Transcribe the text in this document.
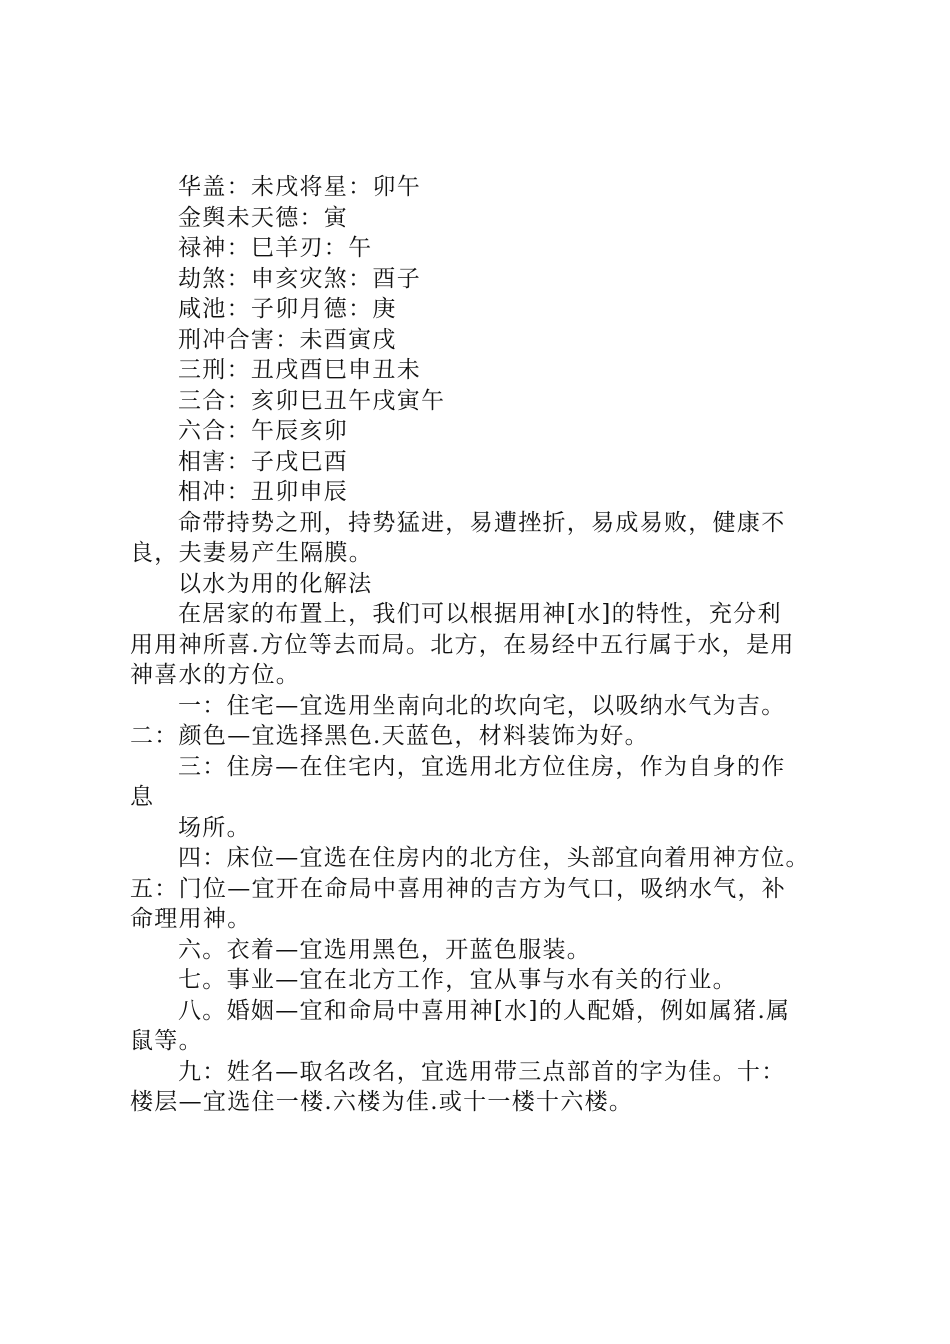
华盖：未戌将星：卯午
金舆未天德：寅
禄神：巳羊刃：午
劫煞：申亥灾煞：酉子
咸池：子卯月德：庚
刑冲合害：未酉寅戌
三刑：丑戌酉巳申丑未
三合：亥卯巳丑午戌寅午
六合：午辰亥卯
相害：子戌巳酉
相冲：丑卯申辰
命带持势之刑，持势猛进，易遭挫折，易成易败，健康不
良，夫妻易产生隔膜。
以水为用的化解法
在居家的布置上，我们可以根据用神[水]的特性，充分利
用用神所喜.方位等去而局。北方，在易经中五行属于水，是用
神喜水的方位。
一：住宅—宜选用坐南向北的坎向宅，以吸纳水气为吉。
二：颜色—宜选择黑色.天蓝色，材料装饰为好。
三：住房—在住宅内，宜选用北方位住房，作为自身的作
息
场所。
四：床位—宜选在住房内的北方住，头部宜向着用神方位。
五：门位—宜开在命局中喜用神的吉方为气口，吸纳水气，补
命理用神。
六。衣着—宜选用黑色，开蓝色服装。
七。事业—宜在北方工作，宜从事与水有关的行业。
八。婚姻—宜和命局中喜用神[水]的人配婚，例如属猪.属
鼠等。
九：姓名—取名改名，宜选用带三点部首的字为佳。十：
楼层—宜选住一楼.六楼为佳.或十一楼十六楼。
